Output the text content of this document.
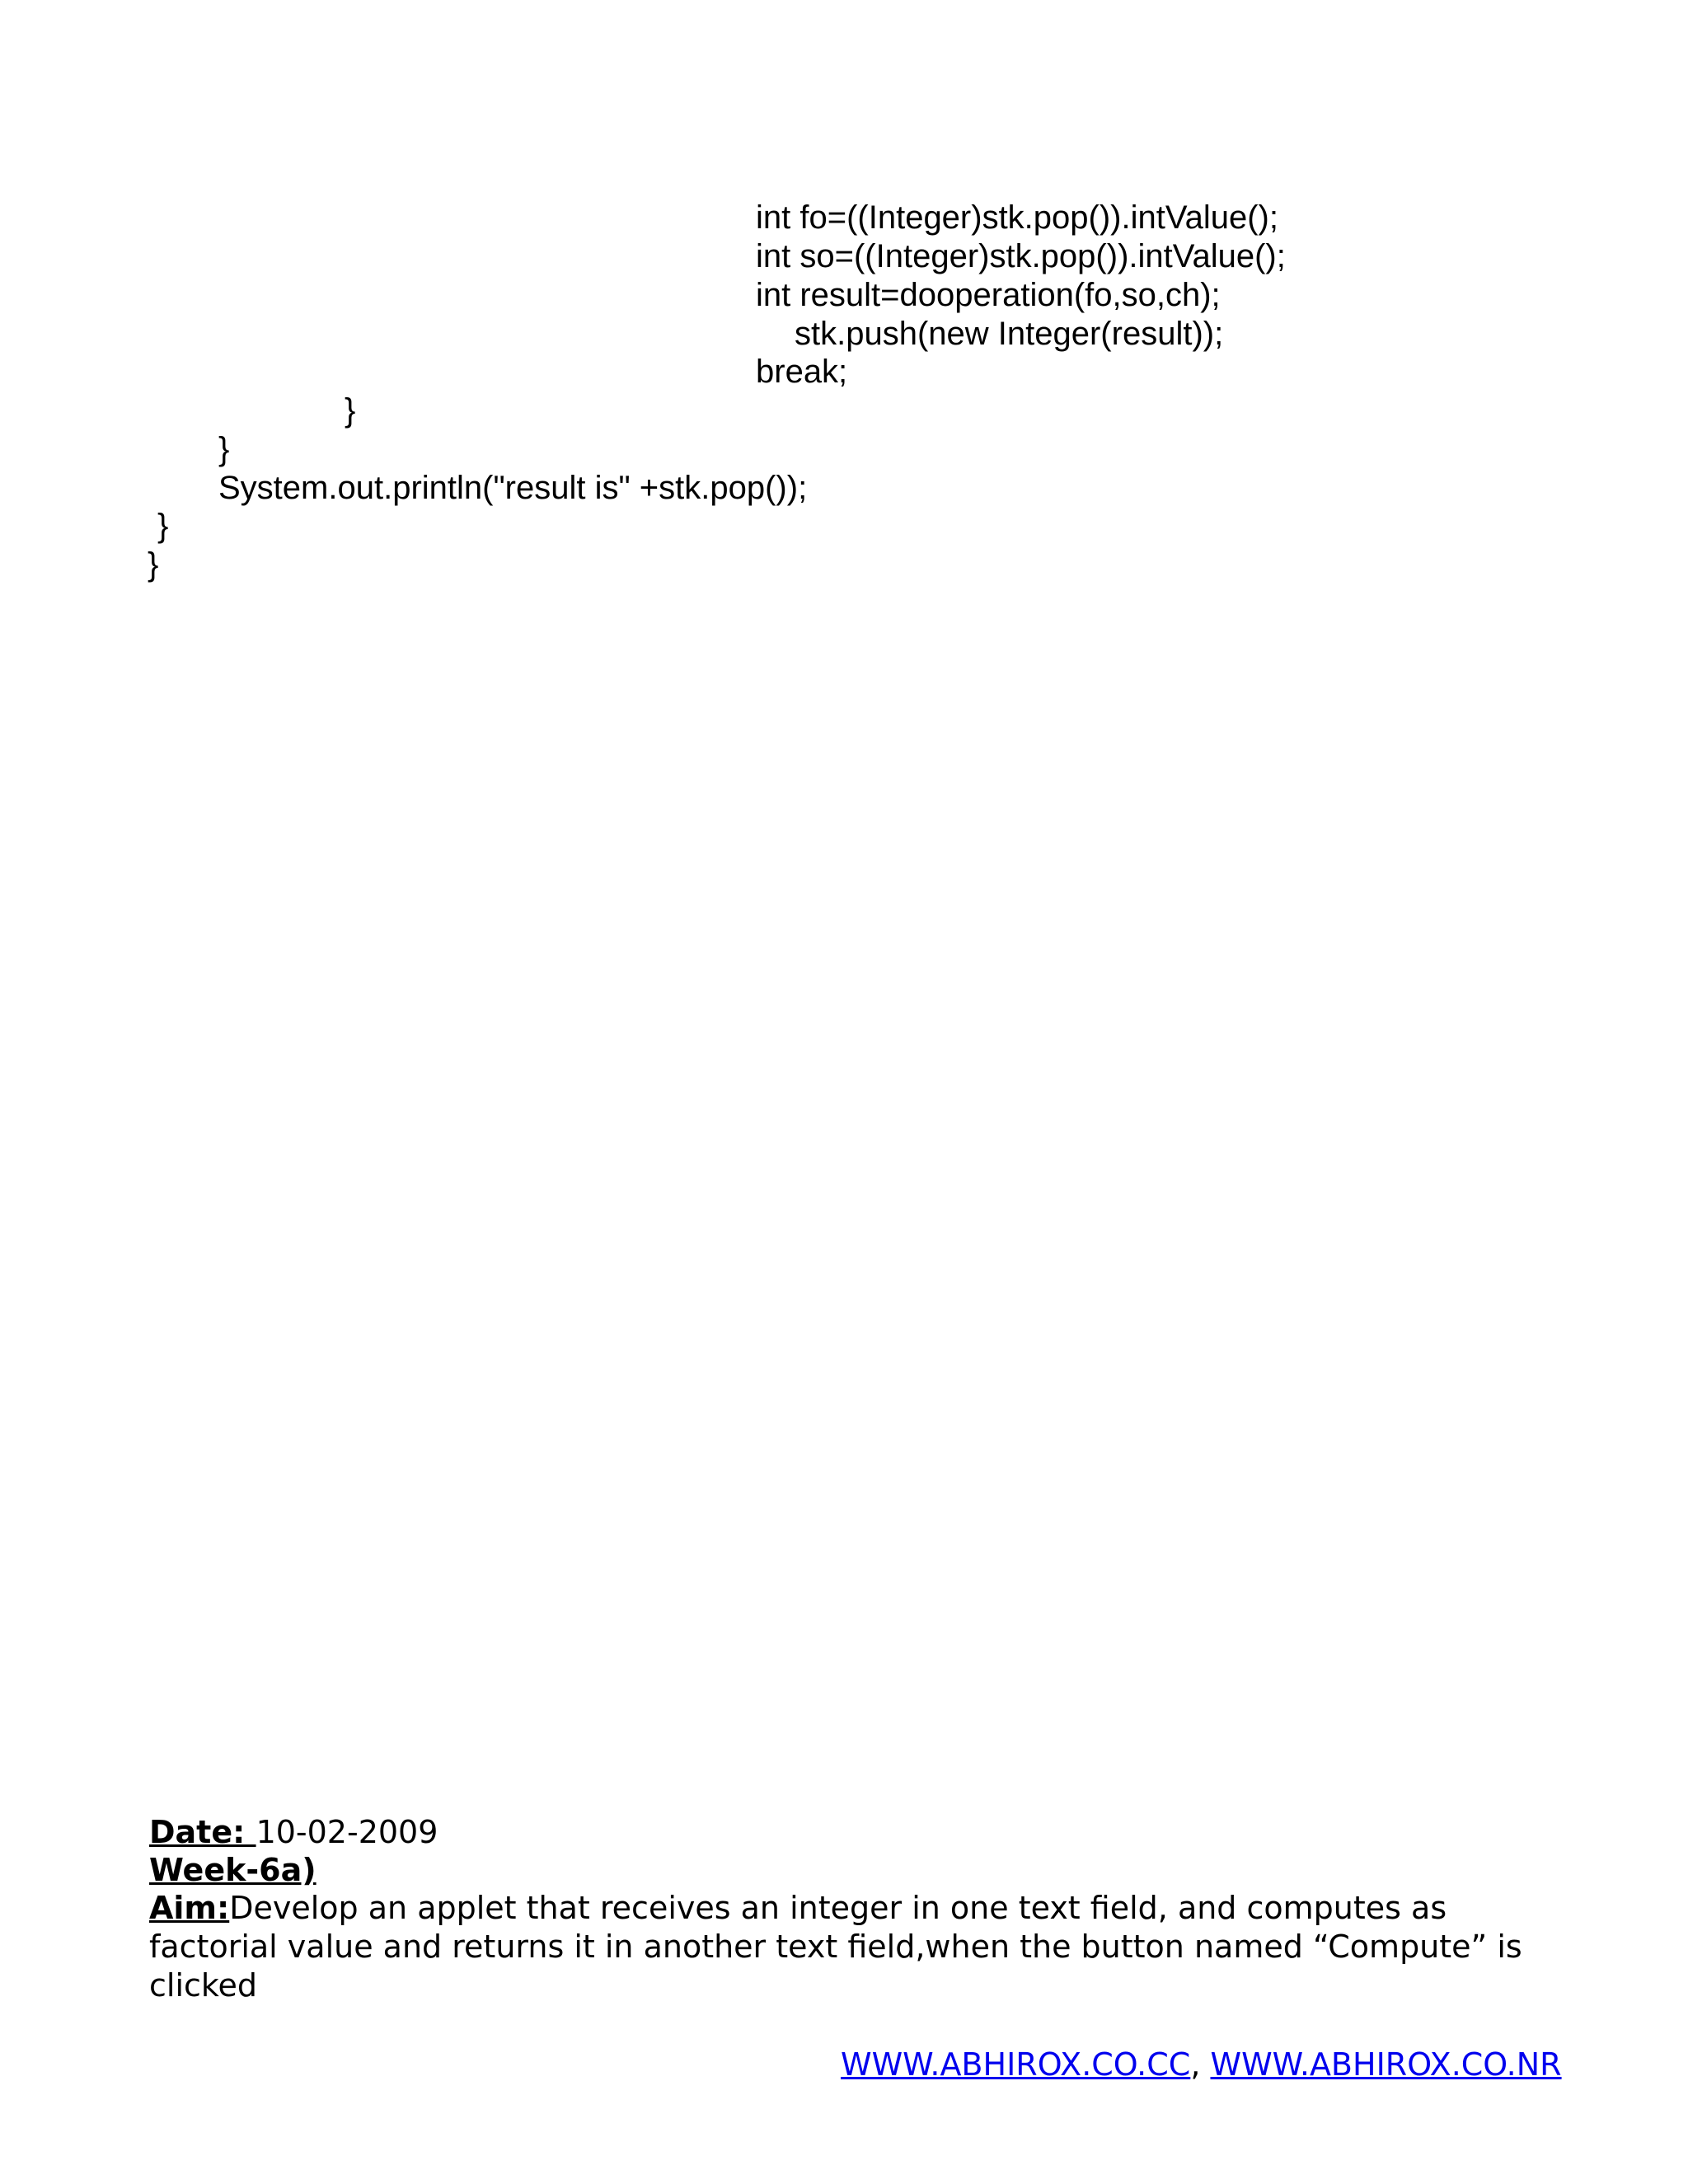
int fo=((Integer)stk.pop()).intValue();
int so=((Integer)stk.pop()).intValue();
int result=dooperation(fo,so,ch);
stk.push(new Integer(result));
break;
}
}
System.out.println("result is" +stk.pop());
}
}
Date: 10-02-2009
Week-6a)
Aim:Develop an applet that receives an integer in one text field, and computes as factorial value and returns it in another text field,when the button named “Compute” is clicked
WWW.ABHIROX.CO.CC, WWW.ABHIROX.CO.NR
